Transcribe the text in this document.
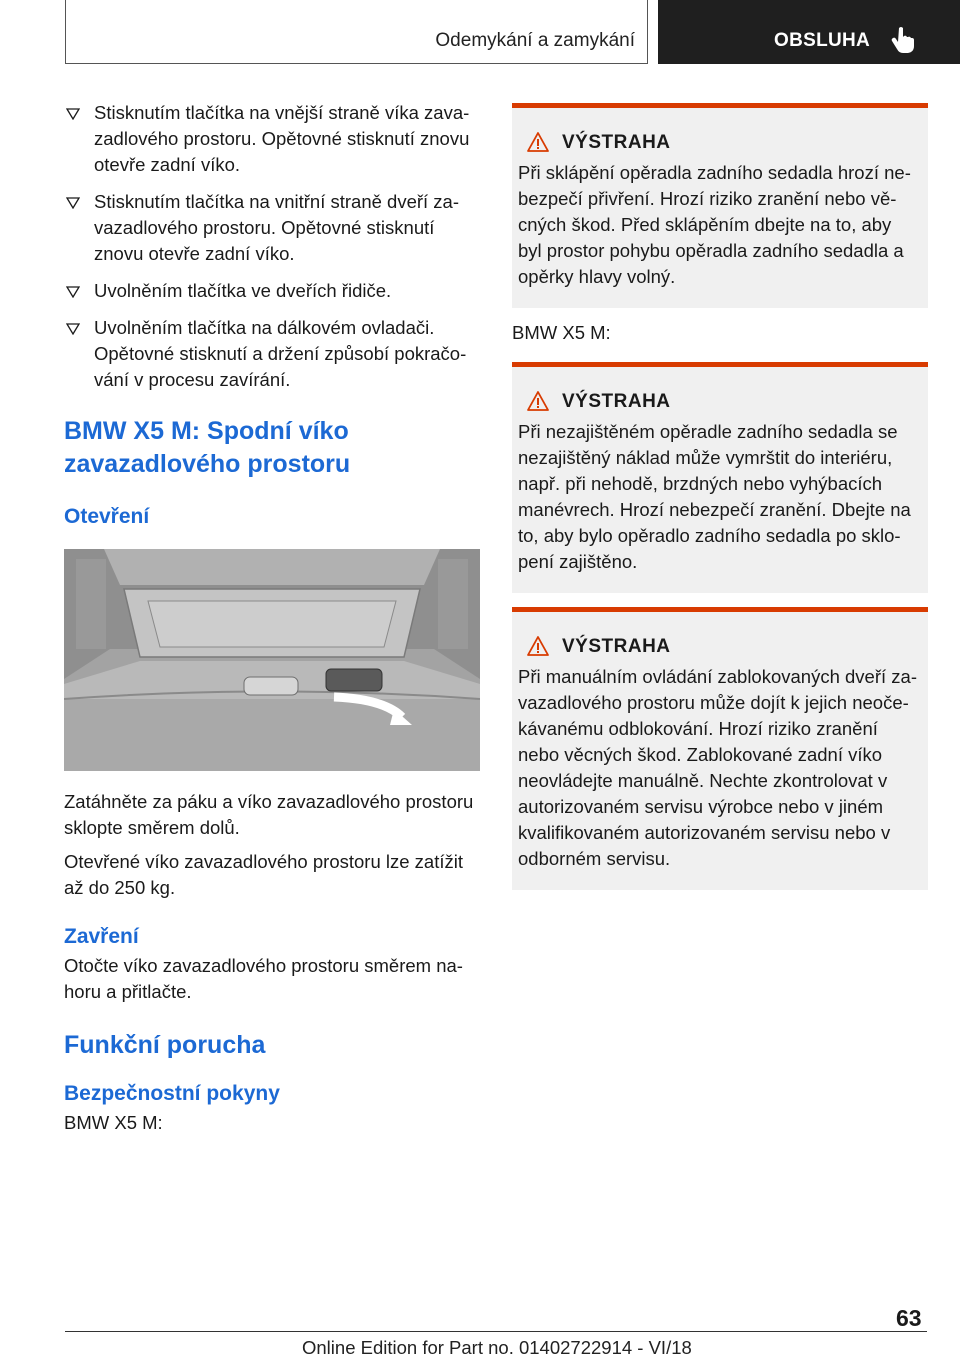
Odemykání a zamykání	OBSLUHA
Stisknutím tlačítka na vnější straně víka zava-zadlového prostoru. Opětovné stisknutí znovu otevře zadní víko.
Stisknutím tlačítka na vnitřní straně dveří za-vazadlového prostoru. Opětovné stisknutí znovu otevře zadní víko.
Uvolněním tlačítka ve dveřích řidiče.
Uvolněním tlačítka na dálkovém ovladači. Opětovné stisknutí a držení způsobí pokračo-vání v procesu zavírání.
BMW X5 M: Spodní víko zavazadlového prostoru
Otevření

Zatáhněte za páku a víko zavazadlového prostoru sklopte směrem dolů.

Otevřené víko zavazadlového prostoru lze zatížit až do 250 kg.

Zavření

Otočte víko zavazadlového prostoru směrem na-horu a přitlačte.

Funkční porucha
Bezpečnostní pokyny

BMW X5 M:

VÝSTRAHA
Při sklápění opěradla zadního sedadla hrozí ne-bezpečí přivření. Hrozí riziko zranění nebo vě-cných škod. Před sklápěním dbejte na to, aby byl prostor pohybu opěradla zadního sedadla a opěrky hlavy volný.
BMW X5 M:
VÝSTRAHA
Při nezajištěném opěradle zadního sedadla se nezajištěný náklad může vymrštit do interiéru, např. při nehodě, brzdných nebo vyhýbacích manévrech. Hrozí nebezpečí zranění. Dbejte na to, aby bylo opěradlo zadního sedadla po sklo-pení zajištěno.
VÝSTRAHA
Při manuálním ovládání zablokovaných dveří za-vazadlového prostoru může dojít k jejich neoče-kávanému odblokování. Hrozí riziko zranění nebo věcných škod. Zablokované zadní víko neovládejte manuálně. Nechte zkontrolovat v autorizovaném servisu výrobce nebo v jiném kvalifikovaném autorizovaném servisu nebo v odborném servisu.
63
Online Edition for Part no. 01402722914 - VI/18
